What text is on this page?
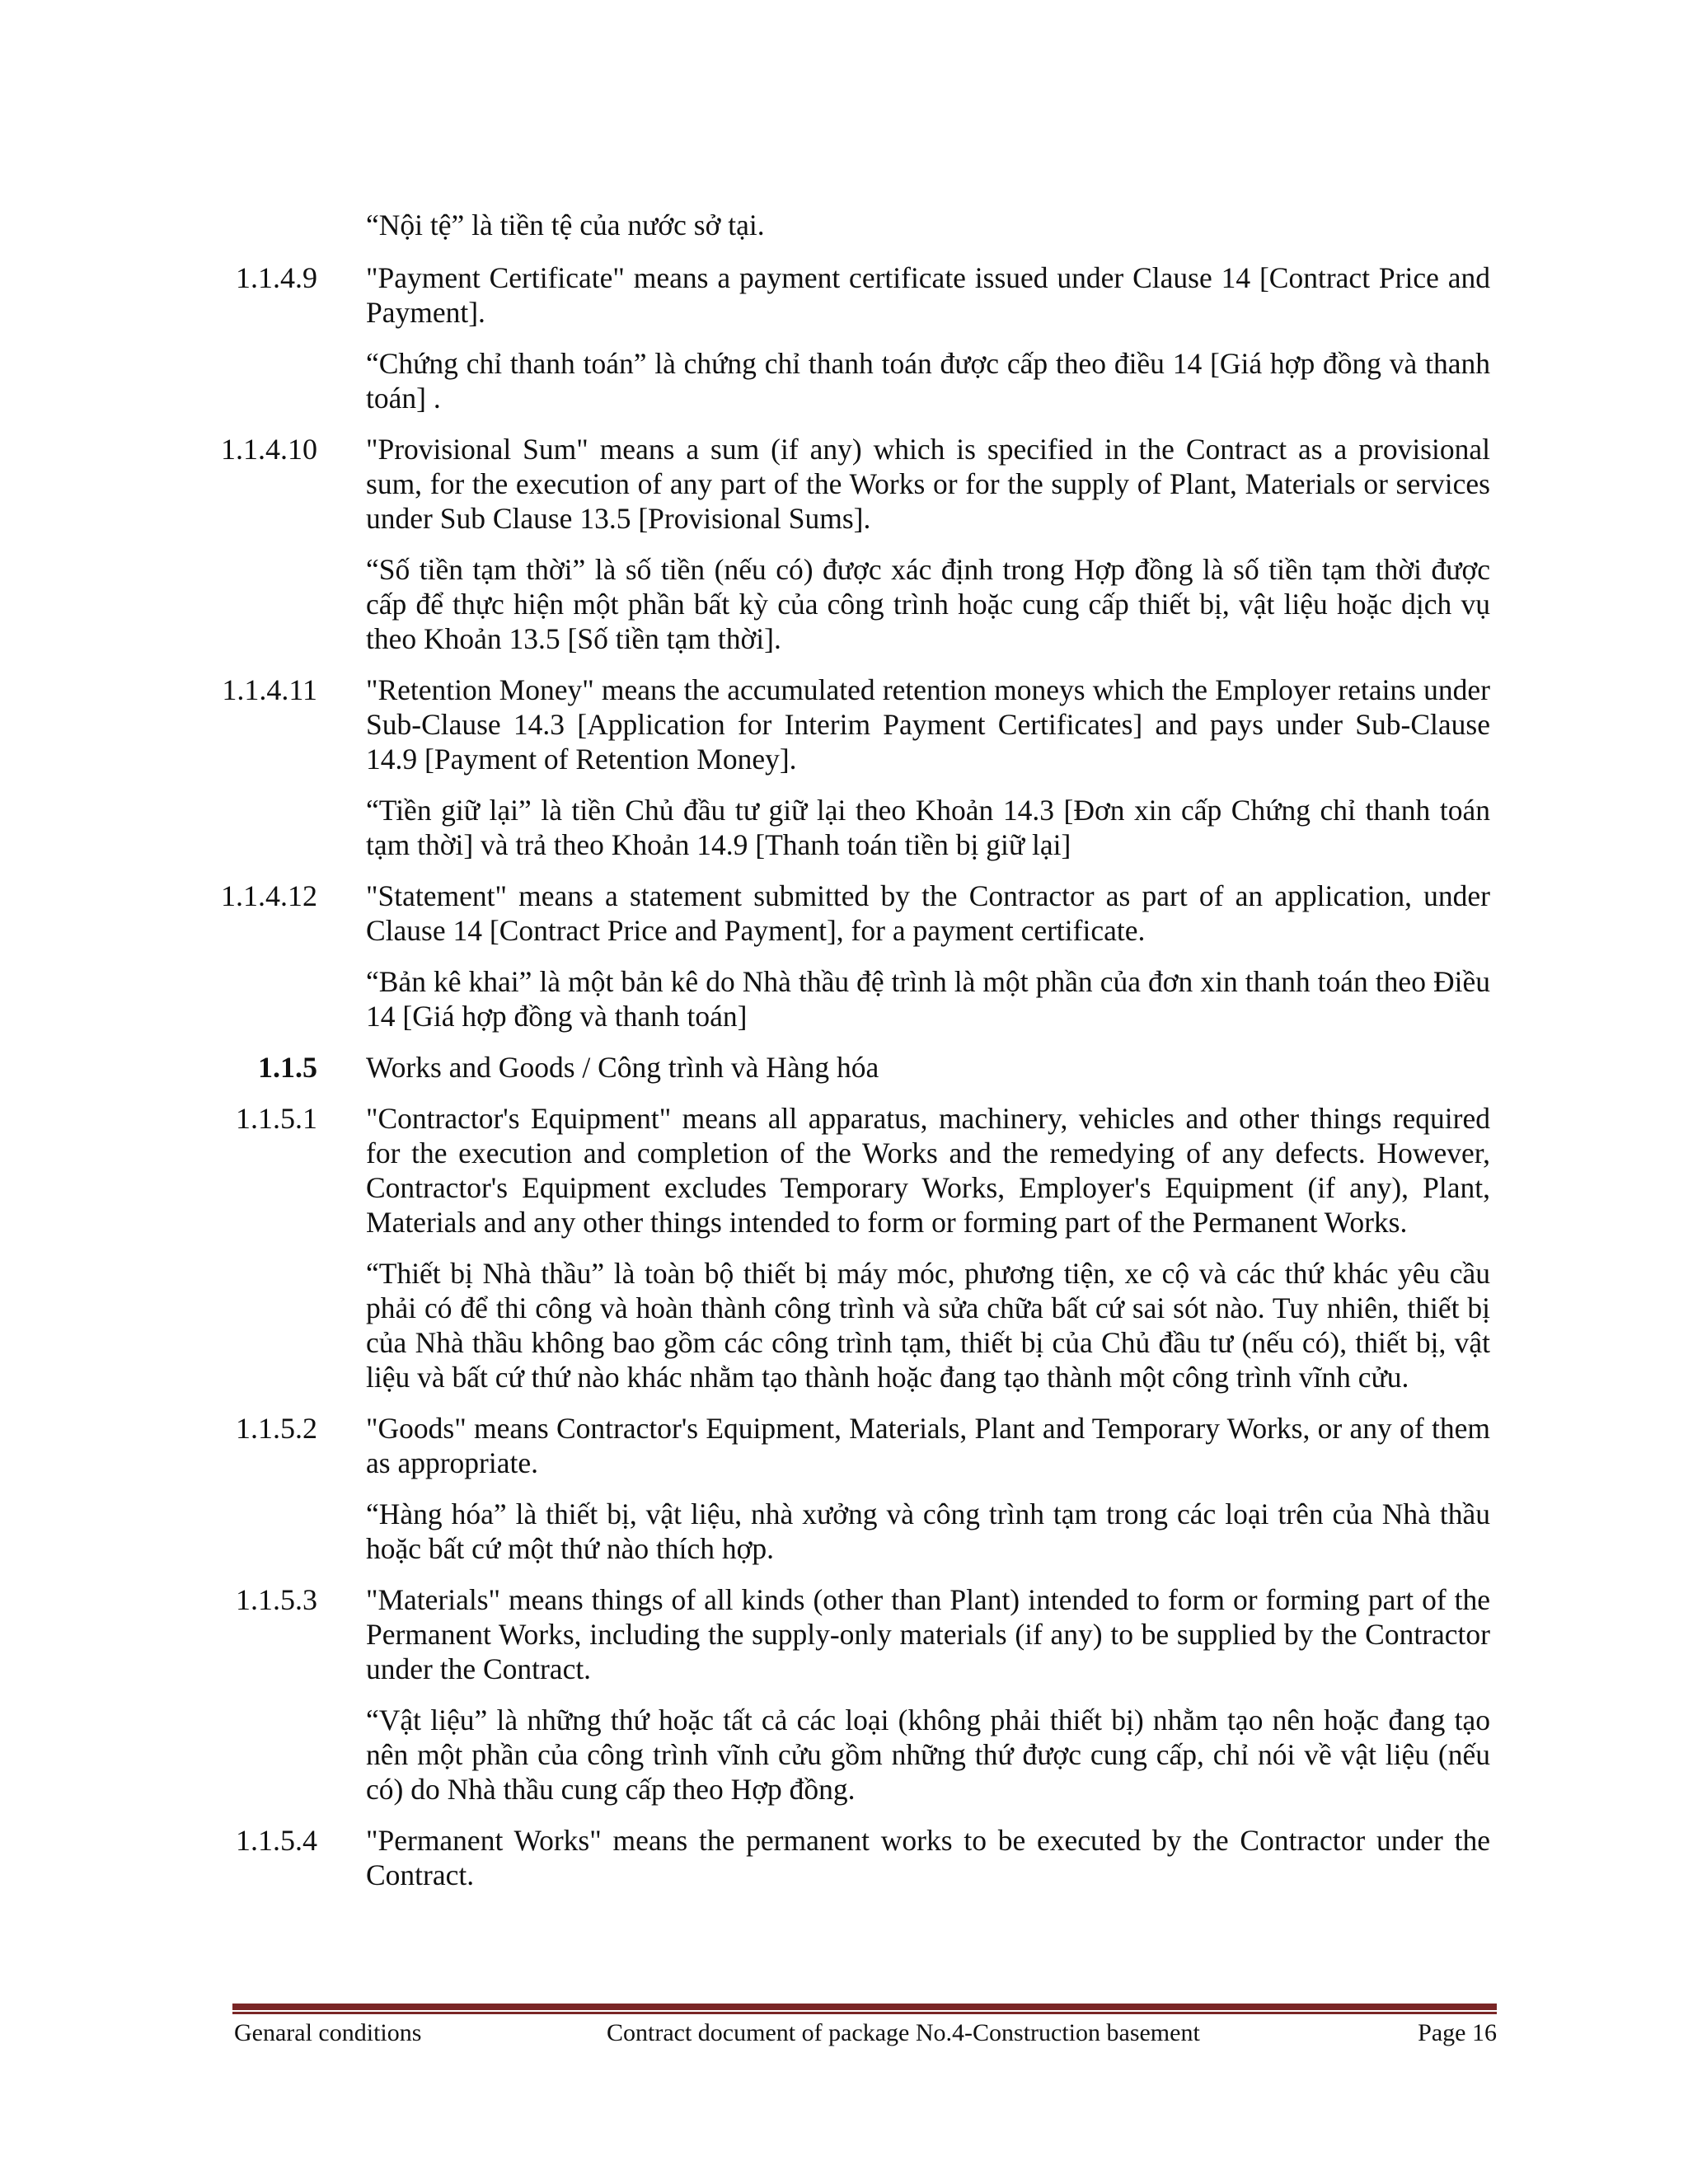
“Nội tệ” là tiền tệ của nước sở tại.
1.1.4.9	"Payment Certificate" means a payment certificate issued under Clause 14 [Contract Price and Payment].

“Chứng chỉ thanh toán” là chứng chỉ thanh toán được cấp theo điều 14 [Giá hợp đồng và thanh toán] .

1.1.4.10	"Provisional Sum" means a sum (if any) which is specified in the Contract as a provisional sum, for the execution of any part of the Works or for the supply of Plant, Materials or services under Sub Clause 13.5 [Provisional Sums].

“Số tiền tạm thời” là số tiền (nếu có) được xác định trong Hợp đồng là số tiền tạm thời được cấp để thực hiện một phần bất kỳ của công trình hoặc cung cấp thiết bị, vật liệu hoặc dịch vụ theo Khoản 13.5 [Số tiền tạm thời].

1.1.4.11	"Retention Money" means the accumulated retention moneys which the Employer retains under Sub-Clause 14.3 [Application for Interim Payment Certificates] and pays under Sub-Clause 14.9 [Payment of Retention Money].

“Tiền giữ lại” là tiền Chủ đầu tư giữ lại theo Khoản 14.3 [Đơn xin cấp Chứng chỉ thanh toán tạm thời] và trả theo Khoản 14.9 [Thanh toán tiền bị giữ lại]

1.1.4.12	"Statement" means a statement submitted by the Contractor as part of an application, under Clause 14 [Contract Price and Payment], for a payment certificate.

“Bản kê khai” là một bản kê do Nhà thầu đệ trình là một phần của đơn xin thanh toán theo Điều 14 [Giá hợp đồng và thanh toán]

1.1.5	Works and Goods / Công trình và Hàng hóa

1.1.5.1	"Contractor's Equipment" means all apparatus, machinery, vehicles and other things required for the execution and completion of the Works and the remedying of any defects. However, Contractor's Equipment excludes Temporary Works, Employer's Equipment (if any), Plant, Materials and any other things intended to form or forming part of the Permanent Works.

“Thiết bị Nhà thầu” là toàn bộ thiết bị máy móc, phương tiện, xe cộ và các thứ khác yêu cầu phải có để thi công và hoàn thành công trình và sửa chữa bất cứ sai sót nào. Tuy nhiên, thiết bị của Nhà thầu không bao gồm các công trình tạm, thiết bị của Chủ đầu tư (nếu có), thiết bị, vật liệu và bất cứ thứ nào khác nhằm tạo thành hoặc đang tạo thành một công trình vĩnh cửu.

1.1.5.2	"Goods" means Contractor's Equipment, Materials, Plant and Temporary Works, or any of them as appropriate.

“Hàng hóa” là thiết bị, vật liệu, nhà xưởng và công trình tạm trong các loại trên của Nhà thầu hoặc bất cứ một thứ nào thích hợp.

1.1.5.3	"Materials" means things of all kinds (other than Plant) intended to form or forming part of the Permanent Works, including the supply-only materials (if any) to be supplied by the Contractor under the Contract.

“Vật liệu” là những thứ hoặc tất cả các loại (không phải thiết bị) nhằm tạo nên hoặc đang tạo nên một phần của công trình vĩnh cửu gồm những thứ được cung cấp, chỉ nói về vật liệu (nếu có) do Nhà thầu cung cấp theo Hợp đồng.

1.1.5.4	"Permanent Works" means the permanent works to be executed by the Contractor under the Contract.

Genaral conditions	Contract document of package No.4-Construction basement	Page 16
